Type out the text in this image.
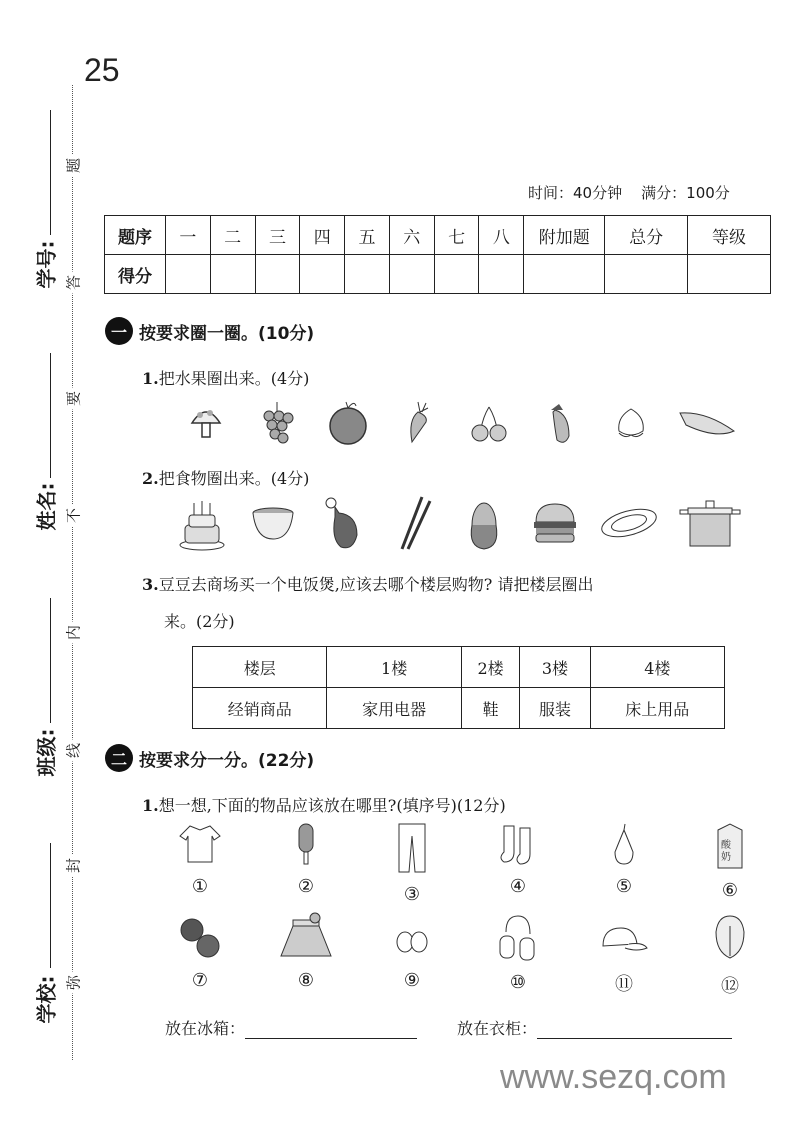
25
题
答
要
不
内
线
封
弥
学号:
姓名:
班级:
学校:
时间：40分钟 满分：100分
题序	一	二	三	四	五	六	七	八	附加题	总分	等级
得分											
一 按要求圈一圈。(10分)
1.把水果圈出来。(4分)
2.把食物圈出来。(4分)
3.豆豆去商场买一个电饭煲,应该去哪个楼层购物? 请把楼层圈出
来。(2分)
楼层	1楼	2楼	3楼	4楼
经销商品	家用电器	鞋	服装	床上用品
二 按要求分一分。(22分)
1.想一想,下面的物品应该放在哪里?(填序号)(12分)
①	②	③	④	⑤
酸
奶
⑥
⑦	⑧	⑨	⑩	⑪	⑫
放在冰箱：	放在衣柜：
www.sezq.com
